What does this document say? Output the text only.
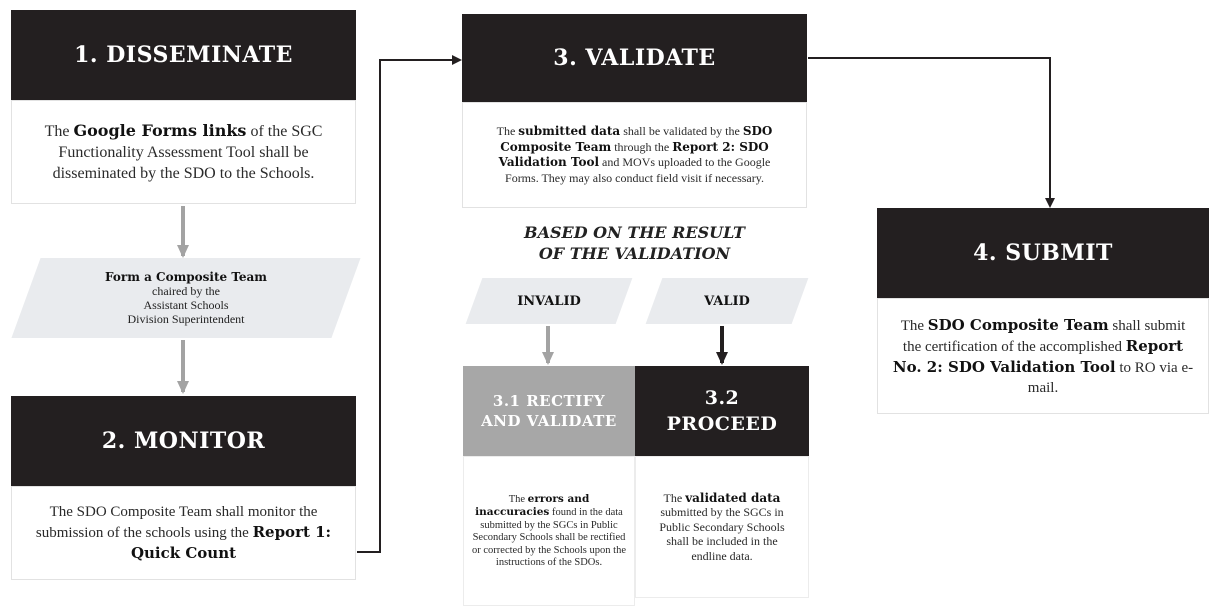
1. DISSEMINATE

The Google Forms links of the SGC Functionality Assessment Tool shall be disseminated by the SDO to the Schools.

Form a Composite Team
chaired by the
Assistant Schools
Division Superintendent
2. MONITOR

The SDO Composite Team shall monitor the submission of the schools using the Report 1: Quick Count

3. VALIDATE

The submitted data shall be validated by the SDO Composite Team through the Report 2: SDO Validation Tool and MOVs uploaded to the Google Forms. They may also conduct field visit if necessary.

BASED ON THE RESULT
OF THE VALIDATION
INVALID	VALID
3.1 RECTIFY
AND VALIDATE

The errors and inaccuracies found in the data submitted by the SGCs in Public Secondary Schools shall be rectified or corrected by the Schools upon the instructions of the SDOs.

3.2
PROCEED

The validated data submitted by the SGCs in Public Secondary Schools shall be included in the endline data.

4. SUBMIT

The SDO Composite Team shall submit the certification of the accomplished Report No. 2: SDO Validation Tool to RO via e-mail.
